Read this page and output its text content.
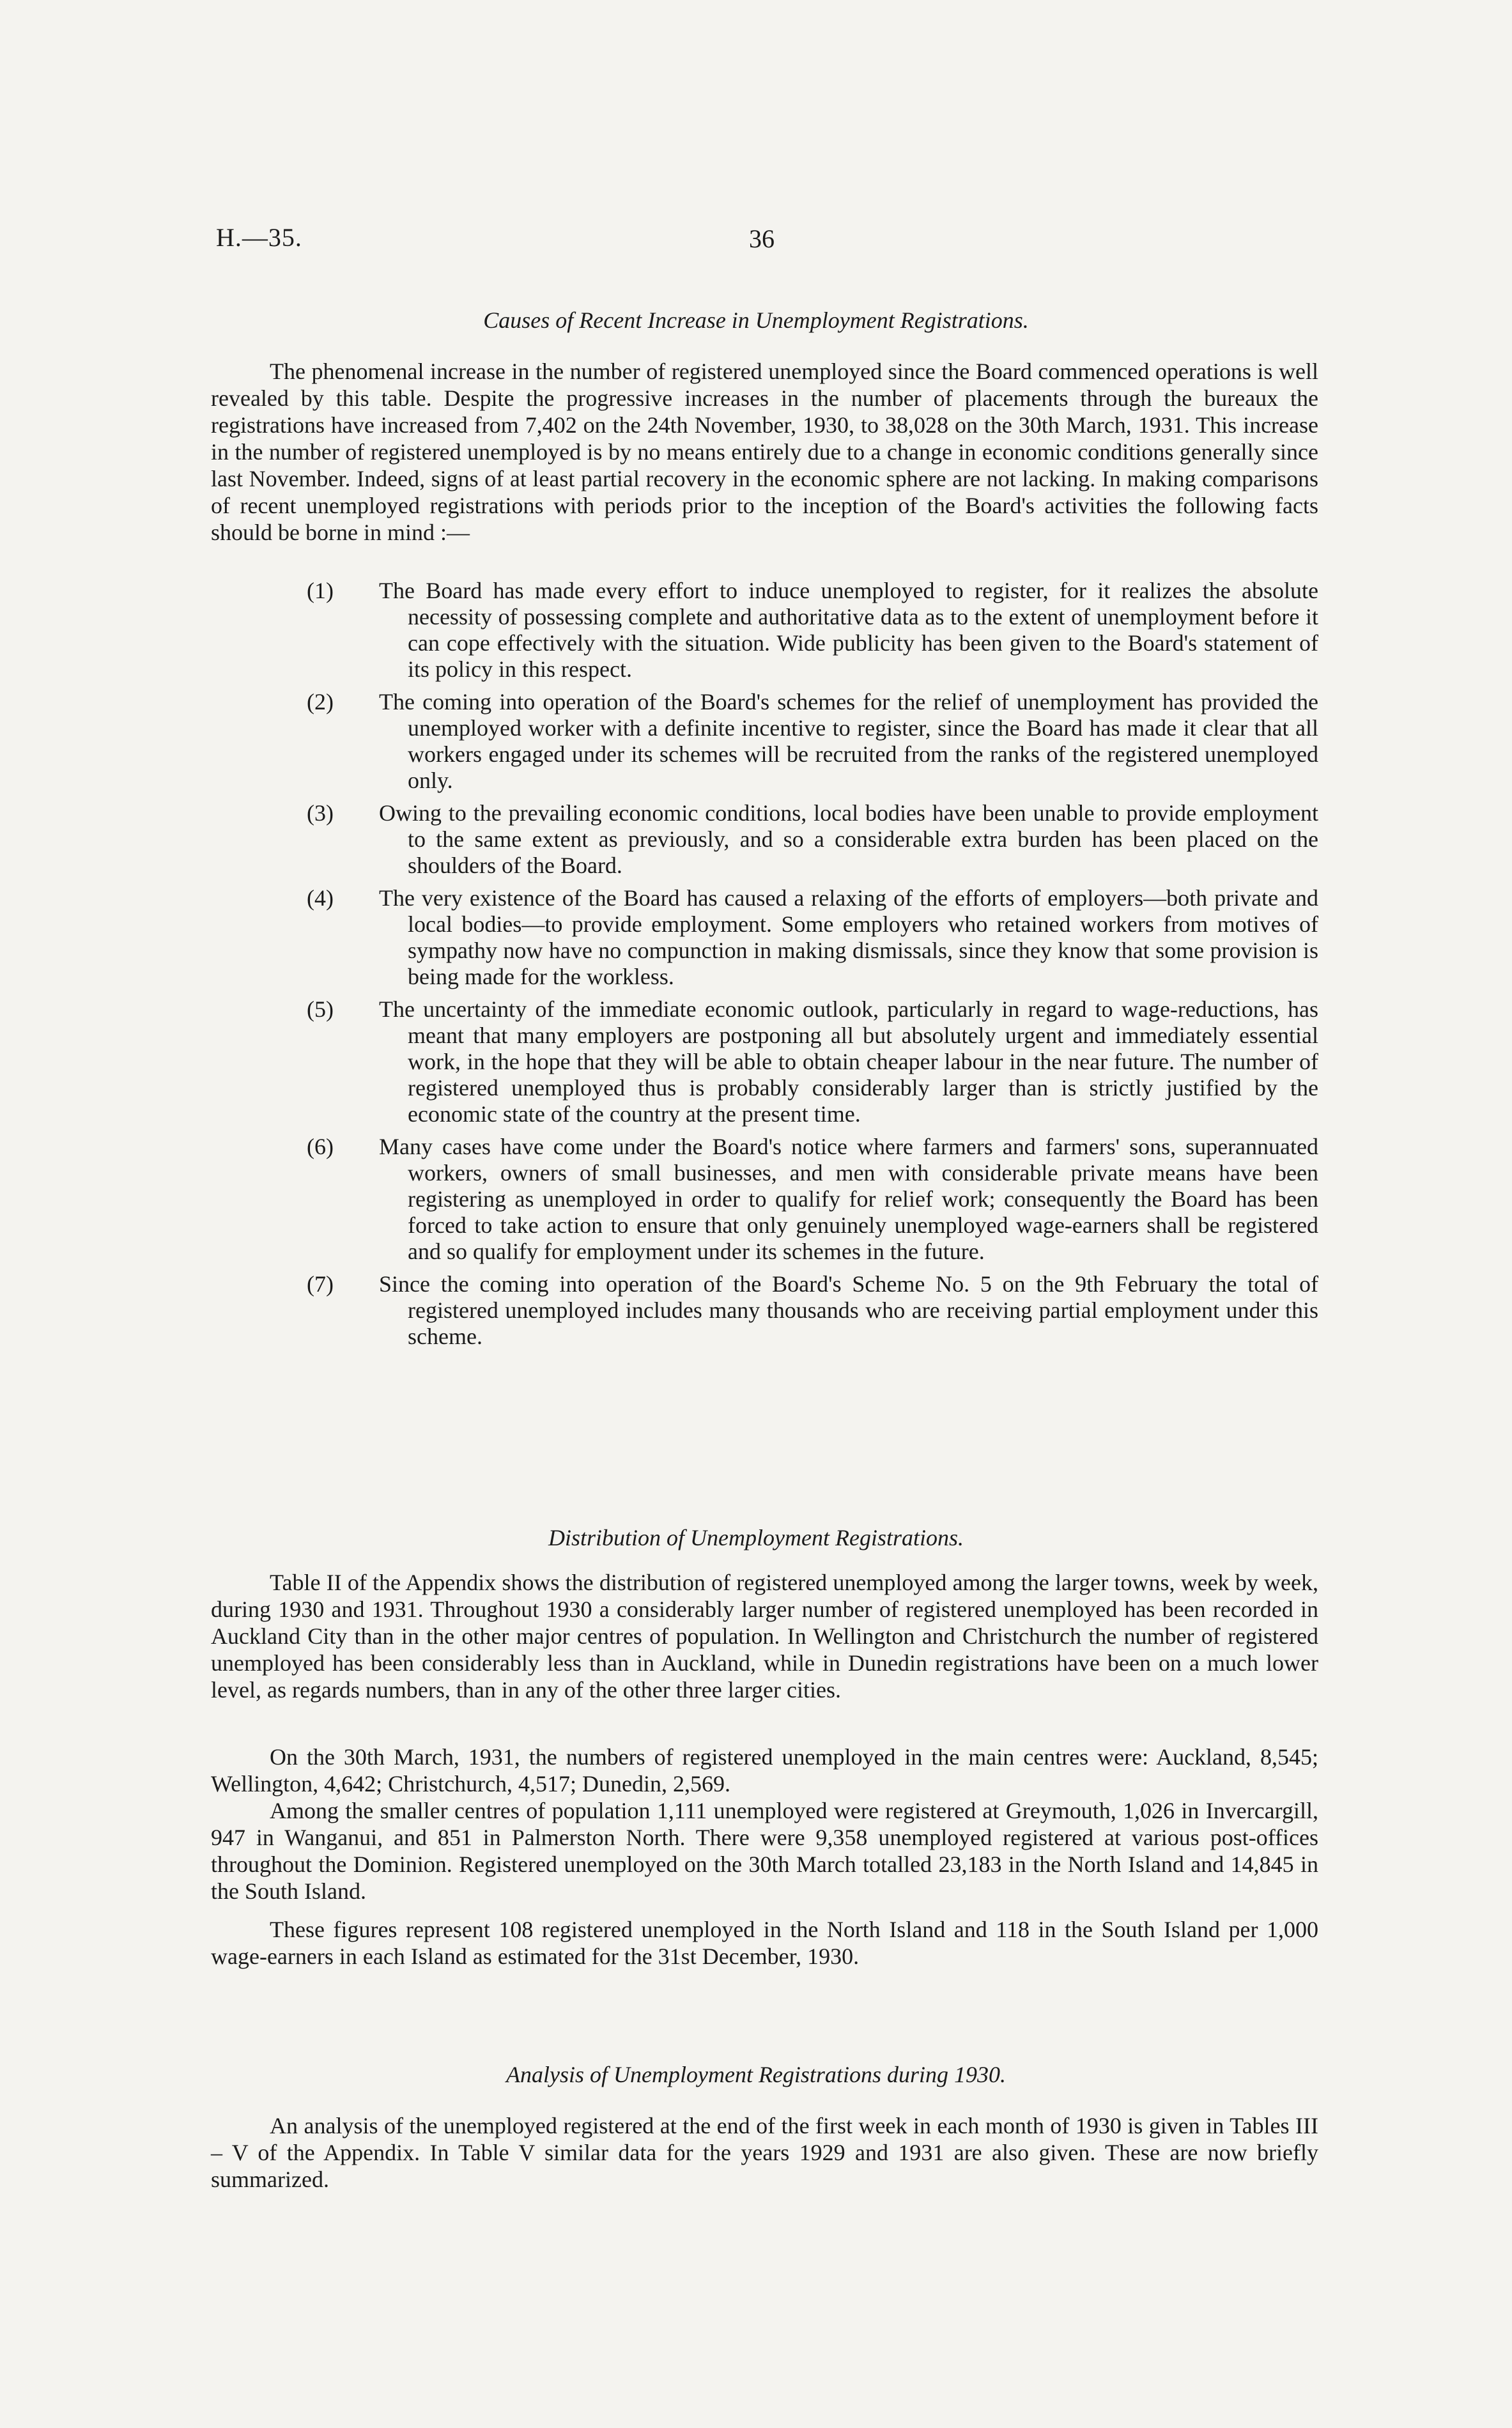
H.—35.	36
Causes of Recent Increase in Unemployment Registrations.

The phenomenal increase in the number of registered unemployed since the Board commenced operations is well revealed by this table. Despite the progressive increases in the number of placements through the bureaux the registrations have increased from 7,402 on the 24th November, 1930, to 38,028 on the 30th March, 1931. This increase in the number of registered unemployed is by no means entirely due to a change in economic conditions generally since last November. Indeed, signs of at least partial recovery in the economic sphere are not lacking. In making comparisons of recent unemployed registrations with periods prior to the inception of the Board's activities the following facts should be borne in mind :—

(1) The Board has made every effort to induce unemployed to register, for it realizes the absolute necessity of possessing complete and authoritative data as to the extent of unemployment before it can cope effectively with the situation. Wide publicity has been given to the Board's statement of its policy in this respect.
(2) The coming into operation of the Board's schemes for the relief of unemployment has provided the unemployed worker with a definite incentive to register, since the Board has made it clear that all workers engaged under its schemes will be recruited from the ranks of the registered unemployed only.
(3) Owing to the prevailing economic conditions, local bodies have been unable to provide employment to the same extent as previously, and so a considerable extra burden has been placed on the shoulders of the Board.
(4) The very existence of the Board has caused a relaxing of the efforts of employers—both private and local bodies—to provide employment. Some employers who retained workers from motives of sympathy now have no compunction in making dismissals, since they know that some provision is being made for the workless.
(5) The uncertainty of the immediate economic outlook, particularly in regard to wage-reductions, has meant that many employers are postponing all but absolutely urgent and immediately essential work, in the hope that they will be able to obtain cheaper labour in the near future. The number of registered unemployed thus is probably considerably larger than is strictly justified by the economic state of the country at the present time.
(6) Many cases have come under the Board's notice where farmers and farmers' sons, superannuated workers, owners of small businesses, and men with considerable private means have been registering as unemployed in order to qualify for relief work; consequently the Board has been forced to take action to ensure that only genuinely unemployed wage-earners shall be registered and so qualify for employment under its schemes in the future.
(7) Since the coming into operation of the Board's Scheme No. 5 on the 9th February the total of registered unemployed includes many thousands who are receiving partial employment under this scheme.
Distribution of Unemployment Registrations.

Table II of the Appendix shows the distribution of registered unemployed among the larger towns, week by week, during 1930 and 1931. Throughout 1930 a considerably larger number of registered unemployed has been recorded in Auckland City than in the other major centres of population. In Wellington and Christchurch the number of registered unemployed has been considerably less than in Auckland, while in Dunedin registrations have been on a much lower level, as regards numbers, than in any of the other three larger cities.

On the 30th March, 1931, the numbers of registered unemployed in the main centres were: Auckland, 8,545; Wellington, 4,642; Christchurch, 4,517; Dunedin, 2,569.

Among the smaller centres of population 1,111 unemployed were registered at Greymouth, 1,026 in Invercargill, 947 in Wanganui, and 851 in Palmerston North. There were 9,358 unemployed registered at various post-offices throughout the Dominion. Registered unemployed on the 30th March totalled 23,183 in the North Island and 14,845 in the South Island.

These figures represent 108 registered unemployed in the North Island and 118 in the South Island per 1,000 wage-earners in each Island as estimated for the 31st December, 1930.

Analysis of Unemployment Registrations during 1930.

An analysis of the unemployed registered at the end of the first week in each month of 1930 is given in Tables III – V of the Appendix. In Table V similar data for the years 1929 and 1931 are also given. These are now briefly summarized.
